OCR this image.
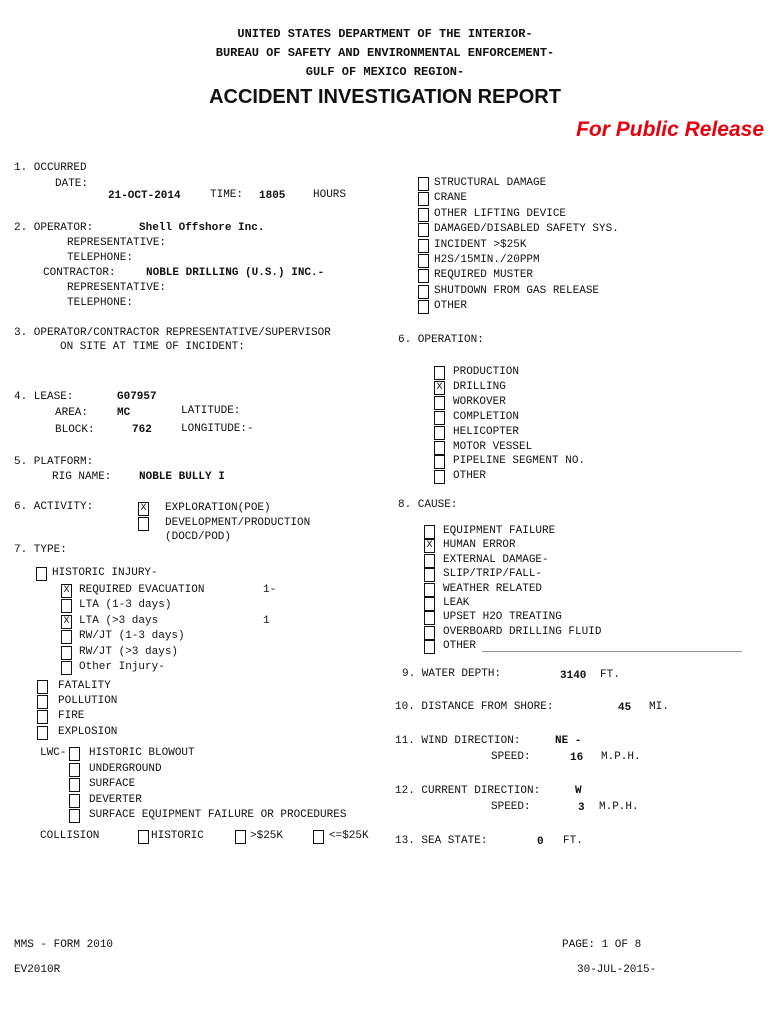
UNITED STATES DEPARTMENT OF THE INTERIOR-
BUREAU OF SAFETY AND ENVIRONMENTAL ENFORCEMENT-
GULF OF MEXICO REGION-
ACCIDENT INVESTIGATION REPORT
For Public Release
1. OCCURRED
DATE:
21-OCT-2014	TIME: 1805	HOURS
STRUCTURAL DAMAGE
CRANE
OTHER LIFTING DEVICE
DAMAGED/DISABLED SAFETY SYS.
INCIDENT >$25K
H2S/15MIN./20PPM
REQUIRED MUSTER
SHUTDOWN FROM GAS RELEASE
OTHER
2. OPERATOR:	Shell Offshore Inc.
REPRESENTATIVE:
TELEPHONE:
CONTRACTOR:	NOBLE DRILLING (U.S.) INC.-
REPRESENTATIVE:
TELEPHONE:
3. OPERATOR/CONTRACTOR REPRESENTATIVE/SUPERVISOR
ON SITE AT TIME OF INCIDENT:
6. OPERATION:
PRODUCTION
X DRILLING
WORKOVER
COMPLETION
HELICOPTER
MOTOR VESSEL
PIPELINE SEGMENT NO.
OTHER
4. LEASE:	G07957
AREA:	MC	LATITUDE:
BLOCK:	762	LONGITUDE:-
5. PLATFORM:
RIG NAME:	NOBLE BULLY I
6. ACTIVITY:	X EXPLORATION(POE)
DEVELOPMENT/PRODUCTION
(DOCD/POD)
8. CAUSE:
EQUIPMENT FAILURE
X HUMAN ERROR
EXTERNAL DAMAGE-
SLIP/TRIP/FALL-
WEATHER RELATED
LEAK
UPSET H2O TREATING
OVERBOARD DRILLING FLUID
OTHER
7. TYPE:
HISTORIC INJURY-
X REQUIRED EVACUATION	1-
LTA (1-3 days)
X LTA (>3 days	1
RW/JT (1-3 days)
RW/JT (>3 days)
Other Injury-
FATALITY
POLLUTION
FIRE
EXPLOSION
LWC- HISTORIC BLOWOUT
UNDERGROUND
SURFACE
DEVERTER
SURFACE EQUIPMENT FAILURE OR PROCEDURES
COLLISION	HISTORIC	>$25K	<=$25K
9. WATER DEPTH:	3140 FT.
10. DISTANCE FROM SHORE:	45 MI.
11. WIND DIRECTION:	NE -
SPEED:	16 M.P.H.
12. CURRENT DIRECTION:	W
SPEED:	3 M.P.H.
13. SEA STATE:	0 FT.
MMS - FORM 2010	PAGE: 1 OF 8
EV2010R	30-JUL-2015-
